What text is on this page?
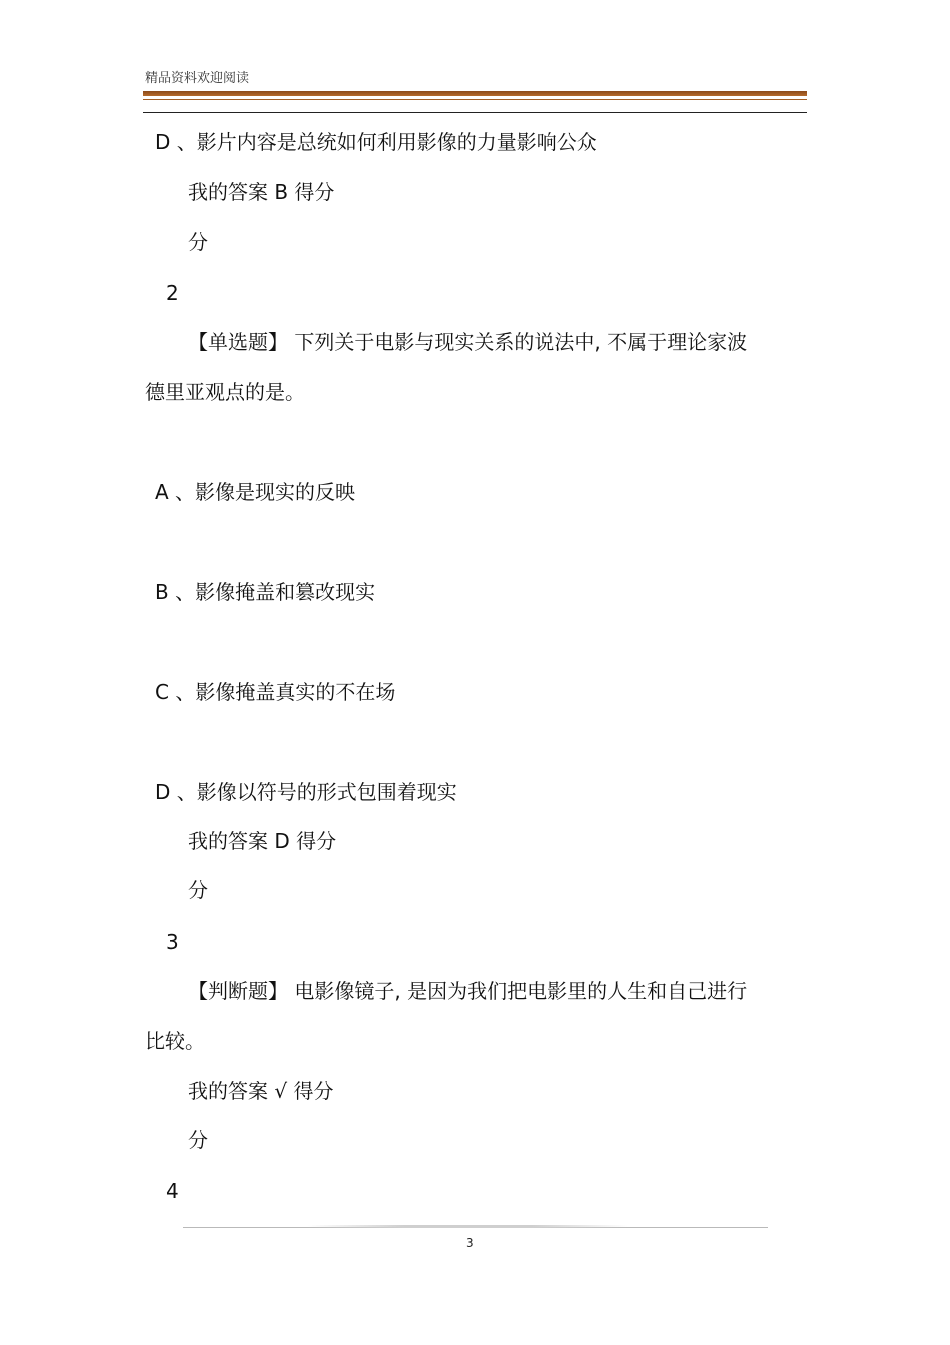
精品资料欢迎阅读
D 、影片内容是总统如何利用影像的力量影响公众
我的答案 B 得分
分
2
【单选题】 下列关于电影与现实关系的说法中, 不属于理论家波
德里亚观点的是。
A 、影像是现实的反映
B 、影像掩盖和篡改现实
C 、影像掩盖真实的不在场
D 、影像以符号的形式包围着现实
我的答案 D 得分
分
3
【判断题】 电影像镜子, 是因为我们把电影里的人生和自己进行
比较。
我的答案 √ 得分
分
4
3
